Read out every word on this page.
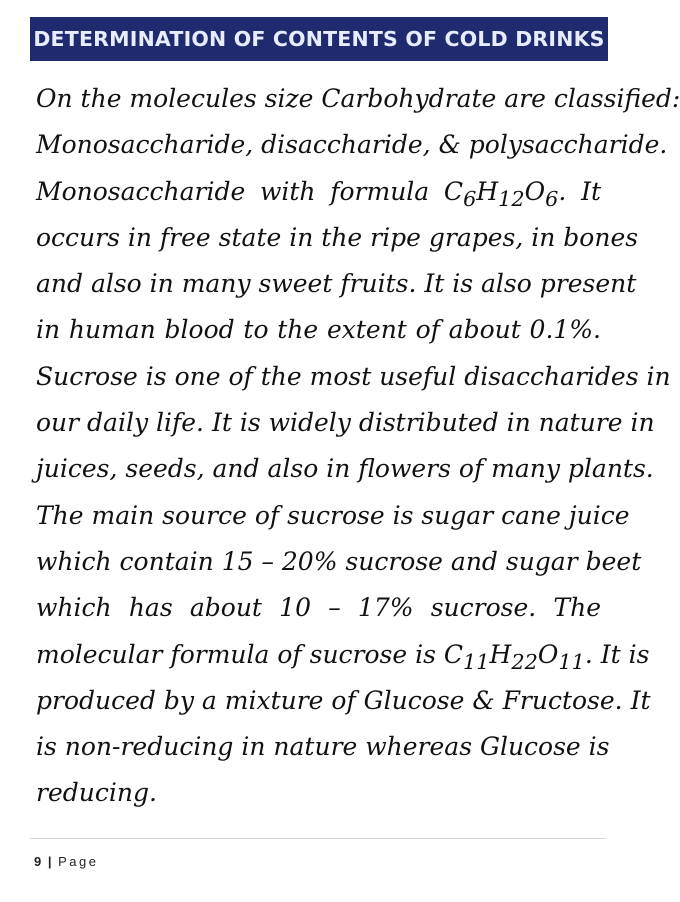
DETERMINATION OF CONTENTS OF COLD DRINKS
On the molecules size Carbohydrate are classified:
Monosaccharide, disaccharide, & polysaccharide.
Monosaccharide with formula $C_6H_{12}O_6$. It
occurs in free state in the ripe grapes, in bones
and also in many sweet fruits. It is also present
in human blood to the extent of about 0.1%.
Sucrose is one of the most useful disaccharides in
our daily life. It is widely distributed in nature in
juices, seeds, and also in flowers of many plants.
The main source of sucrose is sugar cane juice
which contain 15 – 20% sucrose and sugar beet
which has about 10 – 17% sucrose. The
molecular formula of sucrose is $C_{11}H_{22}O_{11}$. It is
produced by a mixture of Glucose & Fructose. It
is non-reducing in nature whereas Glucose is
reducing.
9 | Page
